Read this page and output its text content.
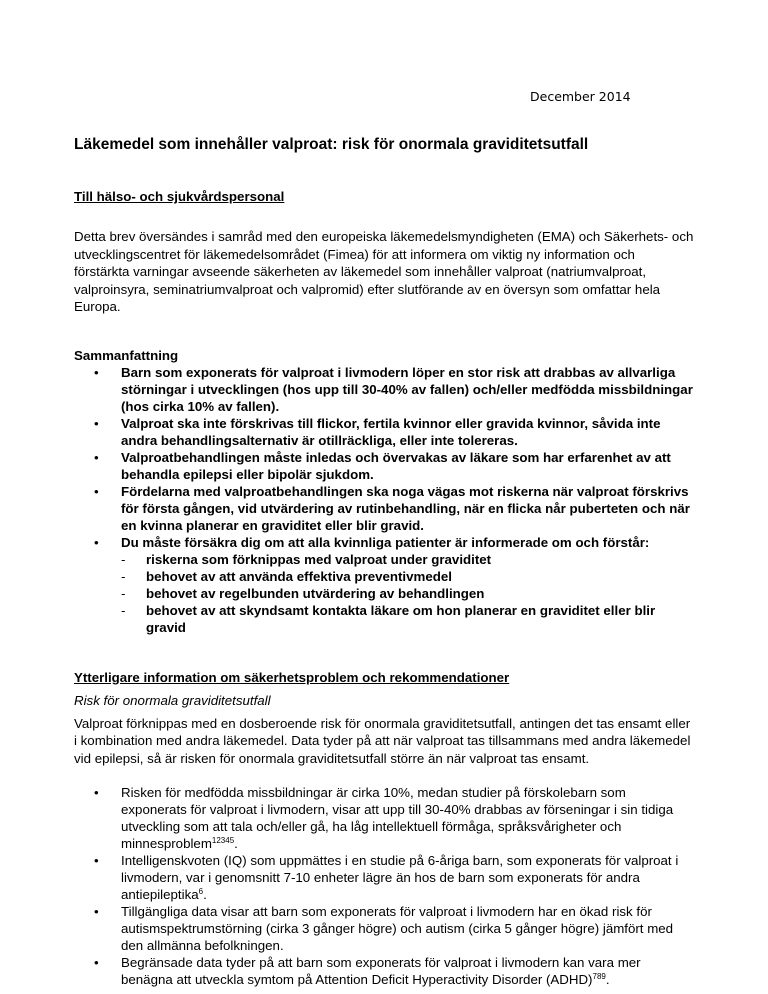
December 2014
Läkemedel som innehåller valproat: risk för onormala graviditetsutfall
Till hälso- och sjukvårdspersonal

Detta brev översändes i samråd med den europeiska läkemedelsmyndigheten (EMA) och Säkerhets- och utvecklingscentret för läkemedelsområdet (Fimea) för att informera om viktig ny information och förstärkta varningar avseende säkerheten av läkemedel som innehåller valproat (natriumvalproat, valproinsyra, seminatriumvalproat och valpromid) efter slutförande av en översyn som omfattar hela Europa.

Sammanfattning
• Barn som exponerats för valproat i livmodern löper en stor risk att drabbas av allvarliga störningar i utvecklingen (hos upp till 30-40% av fallen) och/eller medfödda missbildningar (hos cirka 10% av fallen).
• Valproat ska inte förskrivas till flickor, fertila kvinnor eller gravida kvinnor, såvida inte andra behandlingsalternativ är otillräckliga, eller inte tolereras.
• Valproatbehandlingen måste inledas och övervakas av läkare som har erfarenhet av att behandla epilepsi eller bipolär sjukdom.
• Fördelarna med valproatbehandlingen ska noga vägas mot riskerna när valproat förskrivs för första gången, vid utvärdering av rutinbehandling, när en flicka når puberteten och när en kvinna planerar en graviditet eller blir gravid.
• Du måste försäkra dig om att alla kvinnliga patienter är informerade om och förstår:
- riskerna som förknippas med valproat under graviditet
- behovet av att använda effektiva preventivmedel
- behovet av regelbunden utvärdering av behandlingen
- behovet av att skyndsamt kontakta läkare om hon planerar en graviditet eller blir gravid
Ytterligare information om säkerhetsproblem och rekommendationer
Risk för onormala graviditetsutfall

Valproat förknippas med en dosberoende risk för onormala graviditetsutfall, antingen det tas ensamt eller i kombination med andra läkemedel. Data tyder på att när valproat tas tillsammans med andra läkemedel vid epilepsi, så är risken för onormala graviditetsutfall större än när valproat tas ensamt.

• Risken för medfödda missbildningar är cirka 10%, medan studier på förskolebarn som exponerats för valproat i livmodern, visar att upp till 30-40% drabbas av förseningar i sin tidiga utveckling som att tala och/eller gå, ha låg intellektuell förmåga, språksvårigheter och minnesproblem$^{12345}$.
• Intelligenskvoten (IQ) som uppmättes i en studie på 6-åriga barn, som exponerats för valproat i livmodern, var i genomsnitt 7-10 enheter lägre än hos de barn som exponerats för andra antiepileptika$^6$.
• Tillgängliga data visar att barn som exponerats för valproat i livmodern har en ökad risk för autismspektrumstörning (cirka 3 gånger högre) och autism (cirka 5 gånger högre) jämfört med den allmänna befolkningen.
• Begränsade data tyder på att barn som exponerats för valproat i livmodern kan vara mer benägna att utveckla symtom på Attention Deficit Hyperactivity Disorder (ADHD)$^{789}$.
